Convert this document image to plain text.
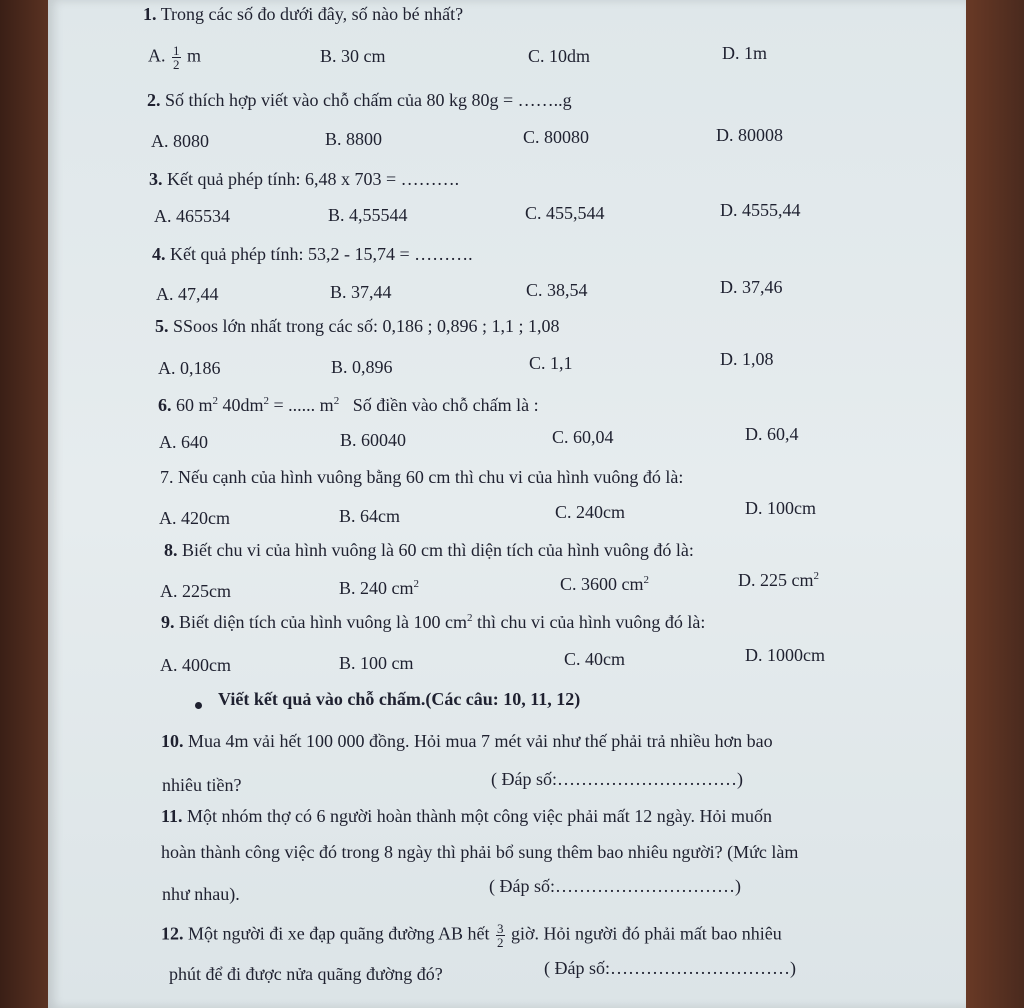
1. Trong các số đo dưới đây, số nào bé nhất?
A. $\frac{1}{2}$ m	B. 30 cm	C. 10dm	D. 1m
2. Số thích hợp viết vào chỗ chấm của 80 kg 80g = ……..g
A. 8080	B. 8800	C. 80080	D. 80008
3. Kết quả phép tính: 6,48 x 703 = ……….
A. 465534	B. 4,55544	C. 455,544	D. 4555,44
4. Kết quả phép tính: 53,2 - 15,74 = ……….
A. 47,44	B. 37,44	C. 38,54	D. 37,46
5. SSoos lớn nhất trong các số: 0,186 ; 0,896 ; 1,1 ; 1,08
A. 0,186	B. 0,896	C. 1,1	D. 1,08
6. 60 $m^2$ $40dm^2$ = ...... $m^2$   Số điền vào chỗ chấm là :
A. 640	B. 60040	C. 60,04	D. 60,4
7. Nếu cạnh của hình vuông bằng 60 cm thì chu vi của hình vuông đó là:
A. 420cm	B. 64cm	C. 240cm	D. 100cm
8. Biết chu vi của hình vuông là 60 cm thì diện tích của hình vuông đó là:
A. 225cm	B. 240 $cm^2$	C. 3600 $cm^2$	D. 225 $cm^2$
9. Biết diện tích của hình vuông là 100 $cm^2$ thì chu vi của hình vuông đó là:
A. 400cm	B. 100 cm	C. 40cm	D. 1000cm
Viết kết quả vào chỗ chấm.(Các câu: 10, 11, 12)
10. Mua 4m vải hết 100 000 đồng. Hỏi mua 7 mét vải như thế phải trả nhiều hơn bao
nhiêu tiền?	( Đáp số:…………………………)
11. Một nhóm thợ có 6 người hoàn thành một công việc phải mất 12 ngày. Hỏi muốn
hoàn thành công việc đó trong 8 ngày thì phải bổ sung thêm bao nhiêu người? (Mức làm
như nhau).	( Đáp số:…………………………)
12. Một người đi xe đạp quãng đường AB hết $\frac{3}{2}$ giờ. Hỏi người đó phải mất bao nhiêu
phút để đi được nửa quãng đường đó?	( Đáp số:…………………………)
